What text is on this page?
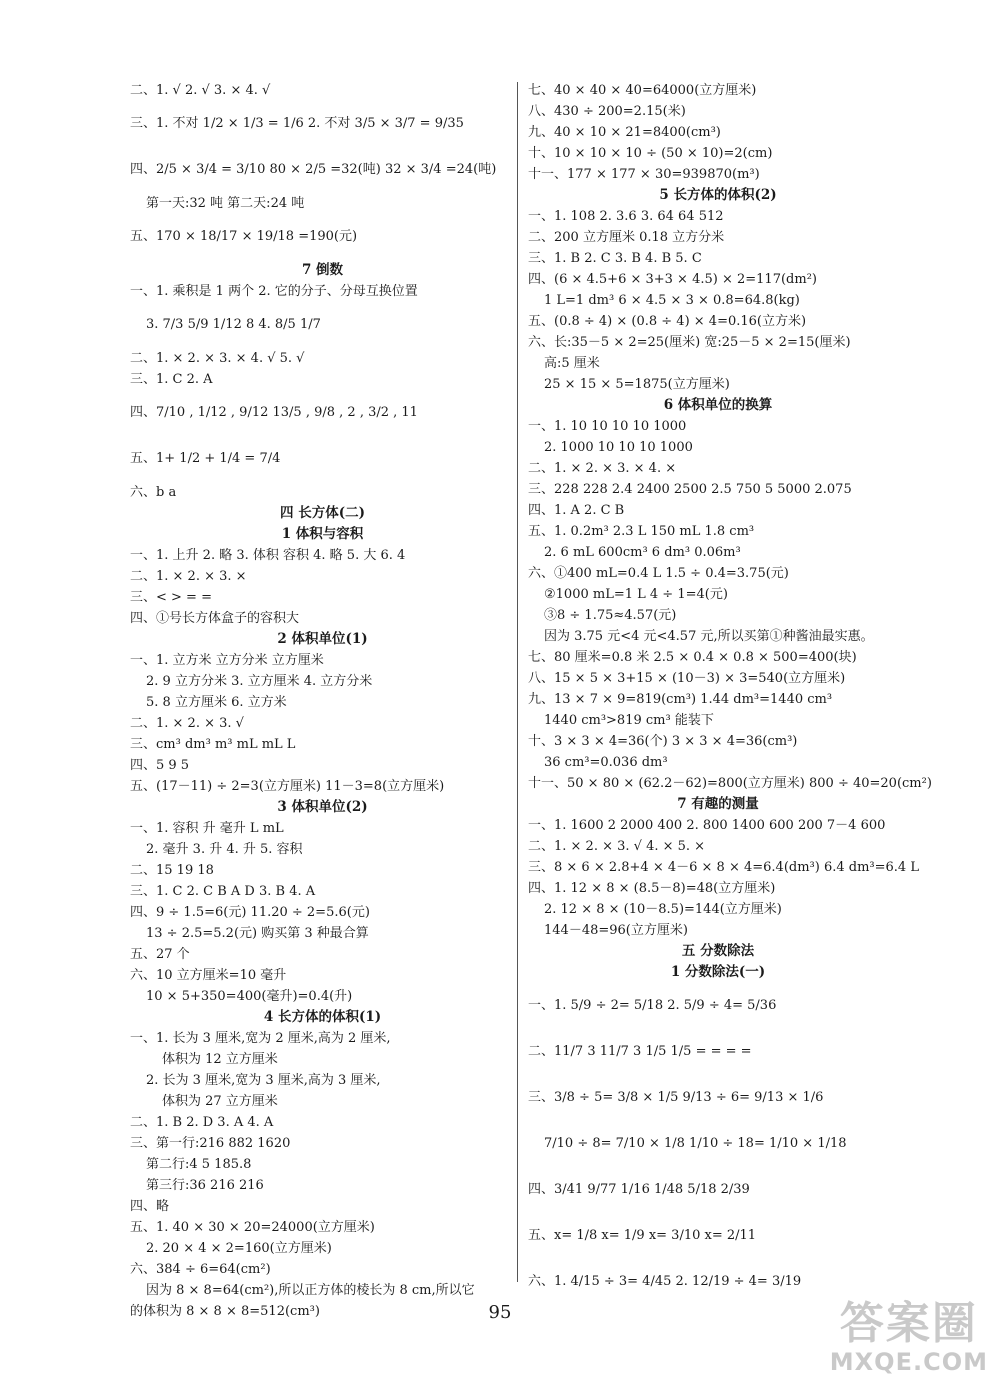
二、1. √ 2. √ 3. × 4. √
三、1. 不对 1/2 × 1/3 = 1/6 2. 不对 3/5 × 3/7 = 9/35
四、2/5 × 3/4 = 3/10 80 × 2/5 =32(吨) 32 × 3/4 =24(吨)
第一天:32 吨 第二天:24 吨
五、170 × 18/17 × 19/18 =190(元)
7 倒数
一、1. 乘积是 1 两个 2. 它的分子、分母互换位置
3. 7/3 5/9 1/12 8 4. 8/5 1/7
二、1. × 2. × 3. × 4. √ 5. √
三、1. C 2. A
四、7/10 , 1/12 , 9/12 13/5 , 9/8 , 2 , 3/2 , 11
五、1+ 1/2 + 1/4 = 7/4
六、b a
四 长方体(二)
1 体积与容积
一、1. 上升 2. 略 3. 体积 容积 4. 略 5. 大 6. 4
二、1. × 2. × 3. ×
三、< > = =
四、①号长方体盒子的容积大
2 体积单位(1)
一、1. 立方米 立方分米 立方厘米
2. 9 立方分米 3. 立方厘米 4. 立方分米
5. 8 立方厘米 6. 立方米
二、1. × 2. × 3. √
三、cm³ dm³ m³ mL mL L
四、5 9 5
五、(17－11) ÷ 2=3(立方厘米) 11－3=8(立方厘米)
3 体积单位(2)
一、1. 容积 升 毫升 L mL
2. 毫升 3. 升 4. 升 5. 容积
二、15 19 18
三、1. C 2. C B A D 3. B 4. A
四、9 ÷ 1.5=6(元) 11.20 ÷ 2=5.6(元)
13 ÷ 2.5=5.2(元) 购买第 3 种最合算
五、27 个
六、10 立方厘米=10 毫升
10 × 5+350=400(毫升)=0.4(升)
4 长方体的体积(1)
一、1. 长为 3 厘米,宽为 2 厘米,高为 2 厘米,
体积为 12 立方厘米
2. 长为 3 厘米,宽为 3 厘米,高为 3 厘米,
体积为 27 立方厘米
二、1. B 2. D 3. A 4. A
三、第一行:216 882 1620
第二行:4 5 185.8
第三行:36 216 216
四、略
五、1. 40 × 30 × 20=24000(立方厘米)
2. 20 × 4 × 2=160(立方厘米)
六、384 ÷ 6=64(cm²)
因为 8 × 8=64(cm²),所以正方体的棱长为 8 cm,所以它
的体积为 8 × 8 × 8=512(cm³)
七、40 × 40 × 40=64000(立方厘米)
八、430 ÷ 200=2.15(米)
九、40 × 10 × 21=8400(cm³)
十、10 × 10 × 10 ÷ (50 × 10)=2(cm)
十一、177 × 177 × 30=939870(m³)
5 长方体的体积(2)
一、1. 108 2. 3.6 3. 64 64 512
二、200 立方厘米 0.18 立方分米
三、1. B 2. C 3. B 4. B 5. C
四、(6 × 4.5+6 × 3+3 × 4.5) × 2=117(dm²)
1 L=1 dm³ 6 × 4.5 × 3 × 0.8=64.8(kg)
五、(0.8 ÷ 4) × (0.8 ÷ 4) × 4=0.16(立方米)
六、长:35－5 × 2=25(厘米) 宽:25－5 × 2=15(厘米)
高:5 厘米
25 × 15 × 5=1875(立方厘米)
6 体积单位的换算
一、1. 10 10 10 10 1000
2. 1000 10 10 10 1000
二、1. × 2. × 3. × 4. ×
三、228 228 2.4 2400 2500 2.5 750 5 5000 2.075
四、1. A 2. C B
五、1. 0.2m³ 2.3 L 150 mL 1.8 cm³
2. 6 mL 600cm³ 6 dm³ 0.06m³
六、①400 mL=0.4 L 1.5 ÷ 0.4=3.75(元)
②1000 mL=1 L 4 ÷ 1=4(元)
③8 ÷ 1.75≈4.57(元)
因为 3.75 元<4 元<4.57 元,所以买第①种酱油最实惠。
七、80 厘米=0.8 米 2.5 × 0.4 × 0.8 × 500=400(块)
八、15 × 5 × 3+15 × (10－3) × 3=540(立方厘米)
九、13 × 7 × 9=819(cm³) 1.44 dm³=1440 cm³
1440 cm³>819 cm³ 能装下
十、3 × 3 × 4=36(个) 3 × 3 × 4=36(cm³)
36 cm³=0.036 dm³
十一、50 × 80 × (62.2－62)=800(立方厘米) 800 ÷ 40=20(cm²)
7 有趣的测量
一、1. 1600 2 2000 400 2. 800 1400 600 200 7－4 600
二、1. × 2. × 3. √ 4. × 5. ×
三、8 × 6 × 2.8+4 × 4－6 × 8 × 4=6.4(dm³) 6.4 dm³=6.4 L
四、1. 12 × 8 × (8.5－8)=48(立方厘米)
2. 12 × 8 × (10－8.5)=144(立方厘米)
144－48=96(立方厘米)
五 分数除法
1 分数除法(一)
一、1. 5/9 ÷ 2= 5/18 2. 5/9 ÷ 4= 5/36
二、11/7 3 11/7 3 1/5 1/5 = = = =
三、3/8 ÷ 5= 3/8 × 1/5 9/13 ÷ 6= 9/13 × 1/6
7/10 ÷ 8= 7/10 × 1/8 1/10 ÷ 18= 1/10 × 1/18
四、3/41 9/77 1/16 1/48 5/18 2/39
五、x= 1/8 x= 1/9 x= 3/10 x= 2/11
六、1. 4/15 ÷ 3= 4/45 2. 12/19 ÷ 4= 3/19
95	答案圈
MXQE.COM
